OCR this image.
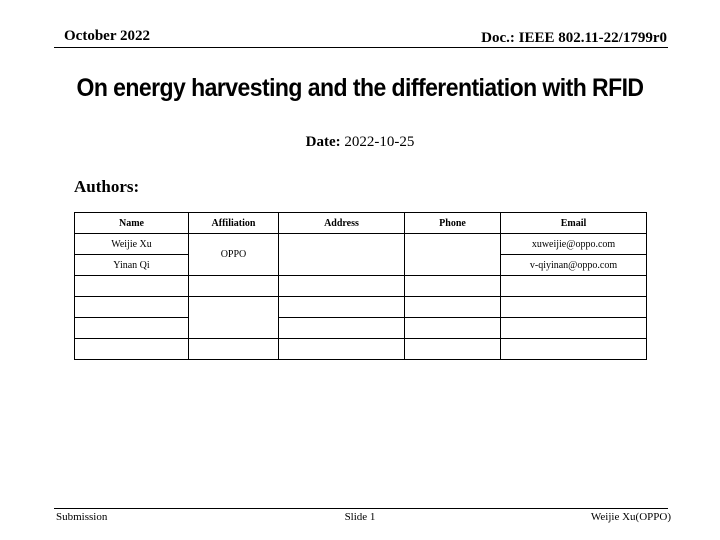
October 2022	Doc.: IEEE 802.11-22/1799r0
On energy harvesting and the differentiation with RFID
Date: 2022-10-25
Authors:
Name	Affiliation	Address	Phone	Email
Weijie Xu	OPPO			xuweijie@oppo.com
Yinan Qi				v-qiyinan@oppo.com

Submission	Slide 1	Weijie Xu(OPPO)
